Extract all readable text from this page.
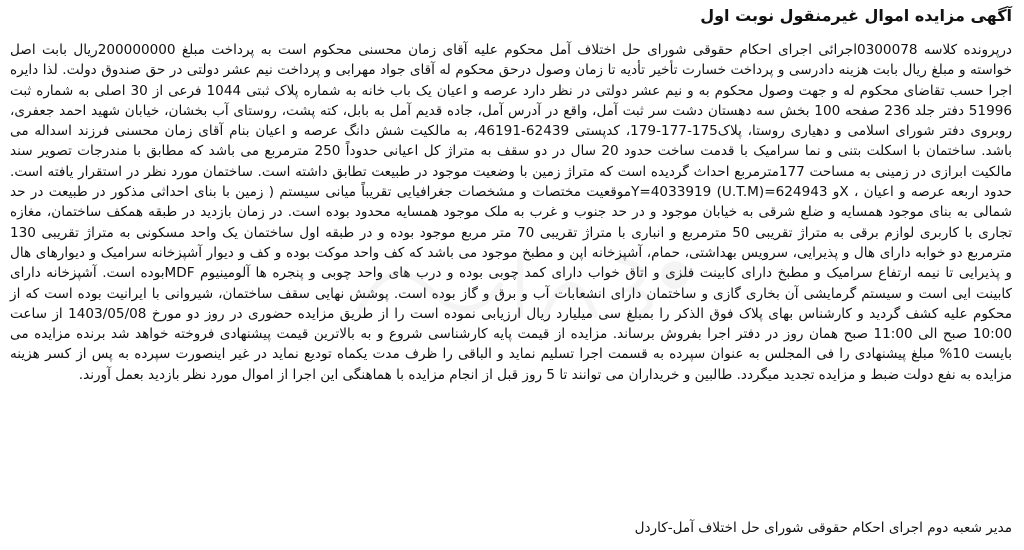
آگهی مزایده اموال غیرمنقول نوبت اول

درپرونده کلاسه 0300078اجرائی اجرای احکام حقوقی شورای حل اختلاف آمل محکوم علیه آقای زمان محسنی محکوم است به پرداخت مبلغ 200000000ریال بابت اصل خواسته و مبلغ ریال بابت هزینه دادرسی و پرداخت خسارت تأخیر تأدیه تا زمان وصول درحق محکوم له آقای جواد مهرابی و پرداخت نیم عشر دولتی در حق صندوق دولت. لذا دایره اجرا حسب تقاضای محکوم له و جهت وصول محکوم به و نیم عشر دولتی در نظر دارد عرصه و اعیان یک باب خانه به شماره پلاک ثبتی 1044 فرعی از 30 اصلی به شماره ثبت 51996 دفتر جلد 236 صفحه 100 بخش سه دهستان دشت سر ثبت آمل، واقع در آدرس آمل، جاده قدیم آمل به بابل، کته پشت، روستای آب بخشان، خیابان شهید احمد جعفری، روبروی دفتر شورای اسلامی و دهیاری روستا، پلاک175-177-179، کدپستی 62439-46191، به مالکیت شش دانگ عرصه و اعیان بنام آقای زمان محسنی فرزند اسداله می باشد. ساختمان با اسکلت بتنی و نما سرامیک با قدمت ساخت حدود 20 سال در دو سقف به متراژ کل اعیانی حدوداً 250 مترمربع می باشد که مطابق با مندرجات تصویر سند مالکیت ابرازی در زمینی به مساحت 177مترمربع احداث گردیده است که متراژ زمین با وضعیت موجود در طبیعت تطابق داشته است. ساختمان مورد نظر در استقرار یافته است. حدود اربعه عرصه و اعیان ، Xو 624943=Y=4033919 (U.T.M)موقعیت مختصات و مشخصات جغرافیایی تقریباً میانی سیستم ( زمین با بنای احداثی مذکور در طبیعت در حد شمالی به بنای موجود همسایه و ضلع شرقی به خیابان موجود و در حد جنوب و غرب به ملک موجود همسایه محدود بوده است. در زمان بازدید در طبقه همکف ساختمان، مغازه تجاری با کاربری لوازم برقی به متراژ تقریبی 50 مترمربع و انباری با متراژ تقریبی 70 متر مربع موجود بوده و در طبقه اول ساختمان یک واحد مسکونی به متراژ تقریبی 130 مترمربع دو خوابه دارای هال و پذیرایی، سرویس بهداشتی، حمام، آشپزخانه اپن و مطبخ موجود می باشد که کف واحد موکت بوده و کف و دیوار آشپزخانه سرامیک و دیوارهای هال و پذیرایی تا نیمه ارتفاع سرامیک و مطبخ دارای کابینت فلزی و اتاق خواب دارای کمد چوبی بوده و درب های واحد چوبی و پنجره ها آلومینیوم MDFبوده است. آشپزخانه دارای کابینت ایی است و سیستم گرمایشی آن بخاری گازی و ساختمان دارای انشعابات آب و برق و گاز بوده است. پوشش نهایی سقف ساختمان، شیروانی با ایرانیت بوده است که از محکوم علیه کشف گردید و کارشناس بهای پلاک فوق الذکر را بمبلغ سی میلیارد ریال ارزیابی نموده است را از طریق مزایده حضوری در روز دو مورخ 1403/05/08 از ساعت 10:00 صبح الی 11:00 صبح همان روز در دفتر اجرا بفروش برساند. مزایده از قیمت پایه کارشناسی شروع و به بالاترین قیمت پیشنهادی فروخته خواهد شد برنده مزایده می بایست 10% مبلغ پیشنهادی را فی المجلس به عنوان سپرده به قسمت اجرا تسلیم نماید و الباقی را ظرف مدت یکماه تودیع نماید در غیر اینصورت سپرده به پس از کسر هزینه مزایده به نفع دولت ضبط و مزایده تجدید میگردد. طالبین و خریداران می توانند تا 5 روز قبل از انجام مزایده با هماهنگی این اجرا از اموال مورد نظر بازدید بعمل آورند.

مدیر شعبه دوم اجرای احکام حقوقی شورای حل اختلاف آمل-کاردل
